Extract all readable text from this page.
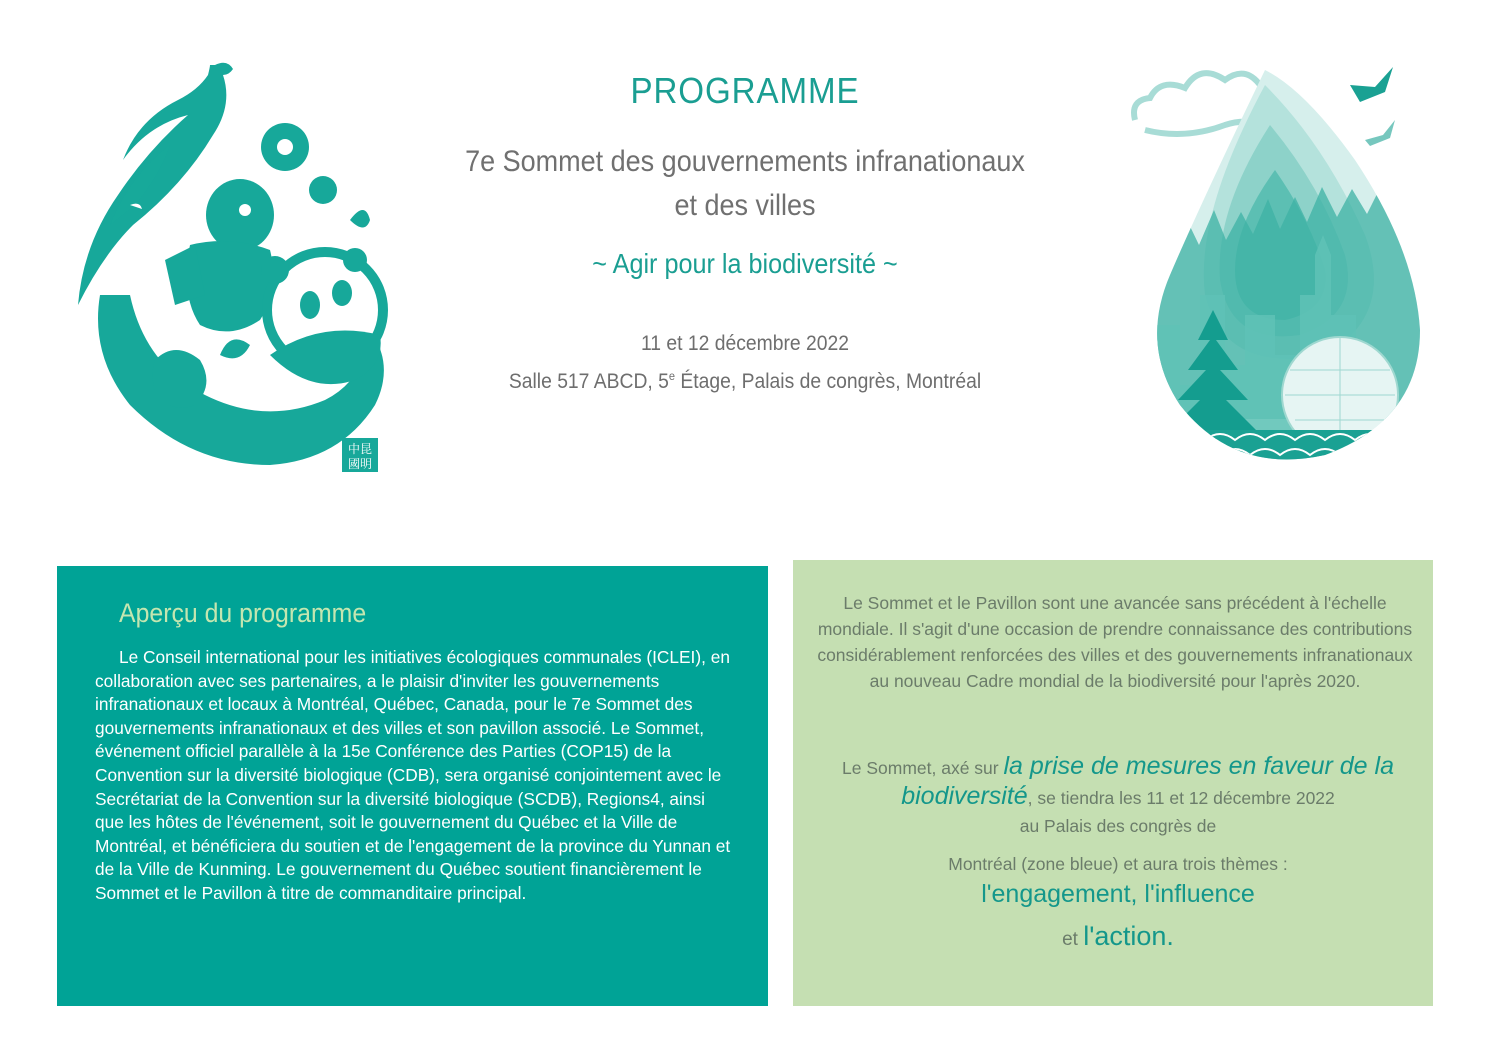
PROGRAMME
7e Sommet des gouvernements infranationaux
et des villes
~ Agir pour la biodiversité ~
11 et 12 décembre 2022
Salle 517 ABCD, 5e Étage, Palais de congrès, Montréal
中昆
國明
Aperçu du programme
Le Conseil international pour les initiatives écologiques communales (ICLEI), en collaboration avec ses partenaires, a le plaisir d'inviter les gouvernements infranationaux et locaux à Montréal, Québec, Canada, pour le 7e Sommet des gouvernements infranationaux et des villes et son pavillon associé. Le Sommet, événement officiel parallèle à la 15e Conférence des Parties (COP15) de la Convention sur la diversité biologique (CDB), sera organisé conjointement avec le Secrétariat de la Convention sur la diversité biologique (SCDB), Regions4, ainsi que les hôtes de l'événement, soit le gouvernement du Québec et la Ville de Montréal, et bénéficiera du soutien et de l'engagement de la province du Yunnan et de la Ville de Kunming. Le gouvernement du Québec soutient financièrement le Sommet et le Pavillon à titre de commanditaire principal.
Le Sommet et le Pavillon sont une avancée sans précédent à l'échelle mondiale. Il s'agit d'une occasion de prendre connaissance des contributions considérablement renforcées des villes et des gouvernements infranationaux au nouveau Cadre mondial de la biodiversité pour l'après 2020.
Le Sommet, axé sur la prise de mesures en faveur de la biodiversité, se tiendra les 11 et 12 décembre 2022
au Palais des congrès de
Montréal (zone bleue) et aura trois thèmes :
l'engagement, l'influence
et l'action.
